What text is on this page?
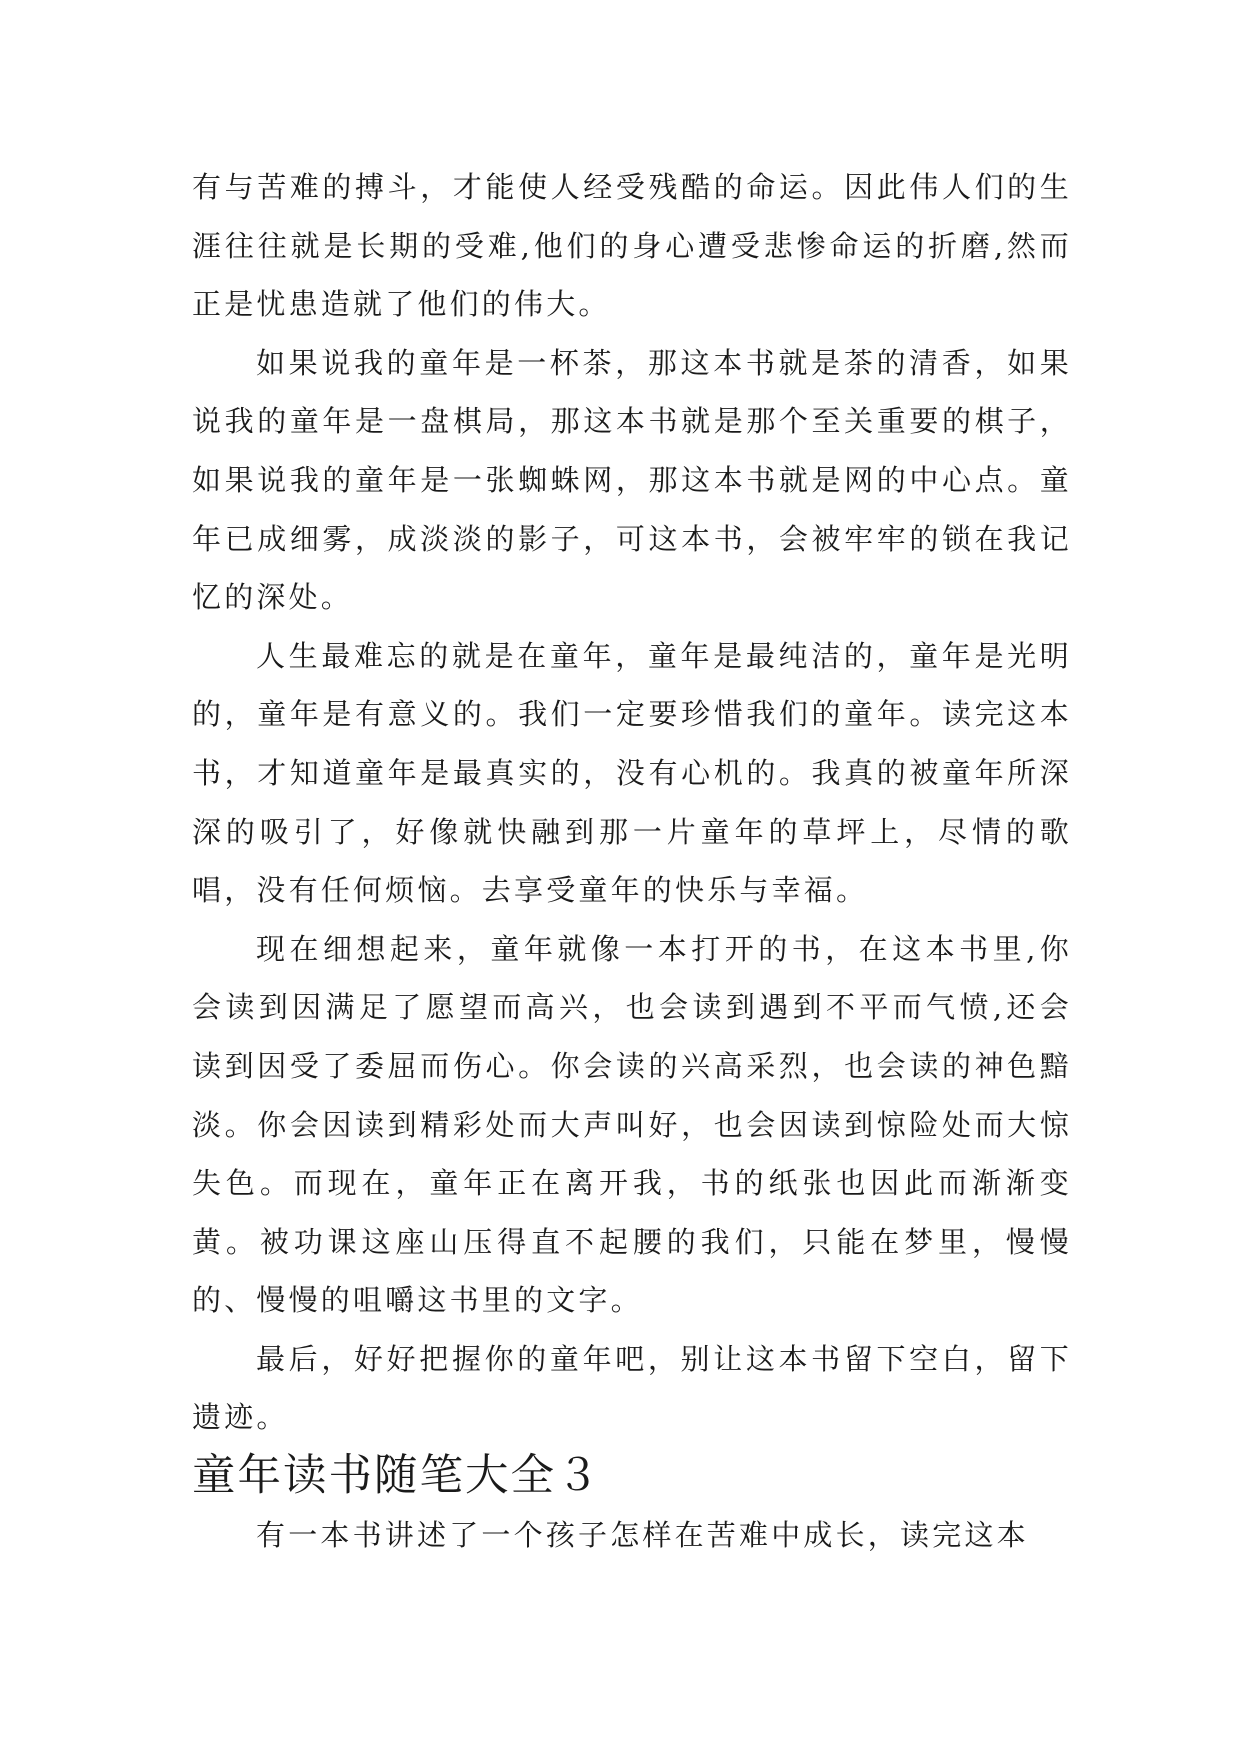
有与苦难的搏斗，才能使人经受残酷的命运。因此伟人们的生涯往往就是长期的受难,他们的身心遭受悲惨命运的折磨,然而正是忧患造就了他们的伟大。

如果说我的童年是一杯茶，那这本书就是茶的清香，如果说我的童年是一盘棋局，那这本书就是那个至关重要的棋子，如果说我的童年是一张蜘蛛网，那这本书就是网的中心点。童年已成细雾，成淡淡的影子，可这本书，会被牢牢的锁在我记忆的深处。

人生最难忘的就是在童年，童年是最纯洁的，童年是光明的，童年是有意义的。我们一定要珍惜我们的童年。读完这本书，才知道童年是最真实的，没有心机的。我真的被童年所深深的吸引了，好像就快融到那一片童年的草坪上，尽情的歌唱，没有任何烦恼。去享受童年的快乐与幸福。

现在细想起来，童年就像一本打开的书，在这本书里,你会读到因满足了愿望而高兴，也会读到遇到不平而气愤,还会读到因受了委屈而伤心。你会读的兴高采烈，也会读的神色黯淡。你会因读到精彩处而大声叫好，也会因读到惊险处而大惊失色。而现在，童年正在离开我，书的纸张也因此而渐渐变黄。被功课这座山压得直不起腰的我们，只能在梦里，慢慢的、慢慢的咀嚼这书里的文字。

最后，好好把握你的童年吧，别让这本书留下空白，留下遗迹。

童年读书随笔大全３

有一本书讲述了一个孩子怎样在苦难中成长，读完这本
